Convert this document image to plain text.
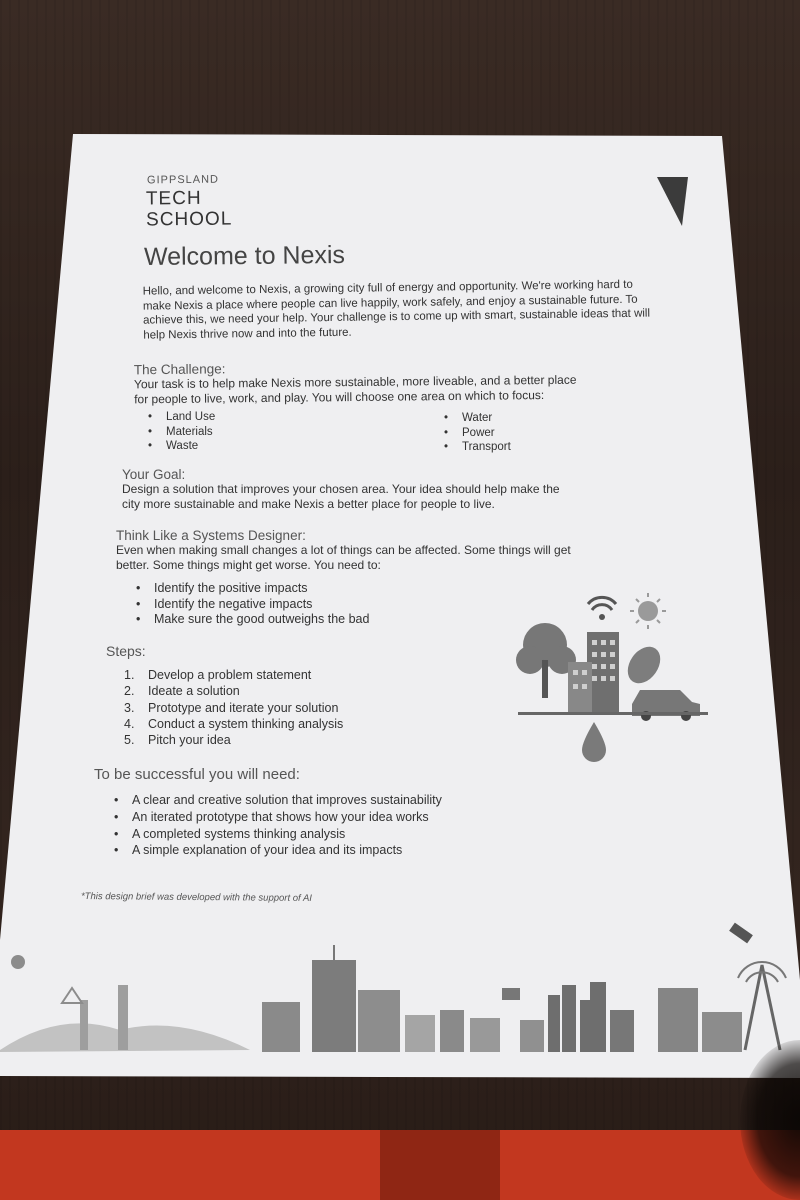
GIPPSLAND
TECH
SCHOOL
Welcome to Nexis
Hello, and welcome to Nexis, a growing city full of energy and opportunity. We're working hard to make Nexis a place where people can live happily, work safely, and enjoy a sustainable future. To achieve this, we need your help. Your challenge is to come up with smart, sustainable ideas that will help Nexis thrive now and into the future.
The Challenge:
Your task is to help make Nexis more sustainable, more liveable, and a better place
for people to live, work, and play. You will choose one area on which to focus:
• Land Use
• Materials
• Waste
• Water
• Power
• Transport
Your Goal:
Design a solution that improves your chosen area. Your idea should help make the
city more sustainable and make Nexis a better place for people to live.
Think Like a Systems Designer:
Even when making small changes a lot of things can be affected. Some things will get
better. Some things might get worse. You need to:
• Identify the positive impacts
• Identify the negative impacts
• Make sure the good outweighs the bad
Steps:
1. Develop a problem statement
2. Ideate a solution
3. Prototype and iterate your solution
4. Conduct a system thinking analysis
5. Pitch your idea
To be successful you will need:
• A clear and creative solution that improves sustainability
• An iterated prototype that shows how your idea works
• A completed systems thinking analysis
• A simple explanation of your idea and its impacts
*This design brief was developed with the support of AI
